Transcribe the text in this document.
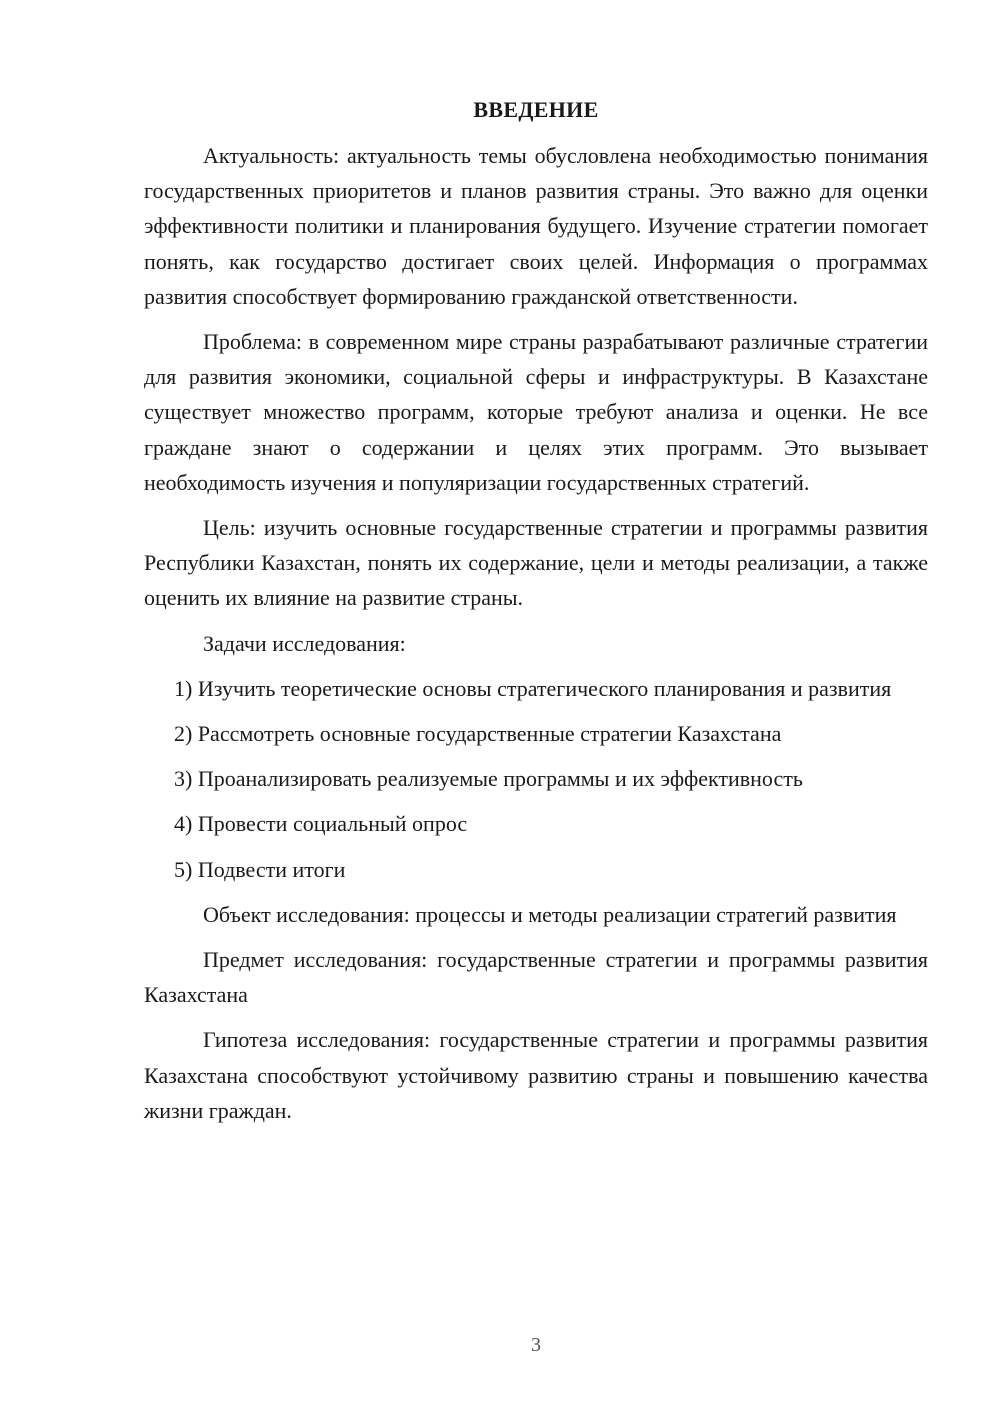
ВВЕДЕНИЕ

Актуальность: актуальность темы обусловлена необходимостью понимания государственных приоритетов и планов развития страны. Это важно для оценки эффективности политики и планирования будущего. Изучение стратегии помогает понять, как государство достигает своих целей. Информация о программах развития способствует формированию гражданской ответственности.

Проблема: в современном мире страны разрабатывают различные стратегии для развития экономики, социальной сферы и инфраструктуры. В Казахстане существует множество программ, которые требуют анализа и оценки. Не все граждане знают о содержании и целях этих программ. Это вызывает необходимость изучения и популяризации государственных стратегий.

Цель: изучить основные государственные стратегии и программы развития Республики Казахстан, понять их содержание, цели и методы реализации, а также оценить их влияние на развитие страны.

Задачи исследования:

1) Изучить теоретические основы стратегического планирования и развития

2) Рассмотреть основные государственные стратегии Казахстана

3) Проанализировать реализуемые программы и их эффективность

4) Провести социальный опрос

5) Подвести итоги

Объект исследования: процессы и методы реализации стратегий развития

Предмет исследования: государственные стратегии и программы развития Казахстана

Гипотеза исследования: государственные стратегии и программы развития Казахстана способствуют устойчивому развитию страны и повышению качества жизни граждан.

3
